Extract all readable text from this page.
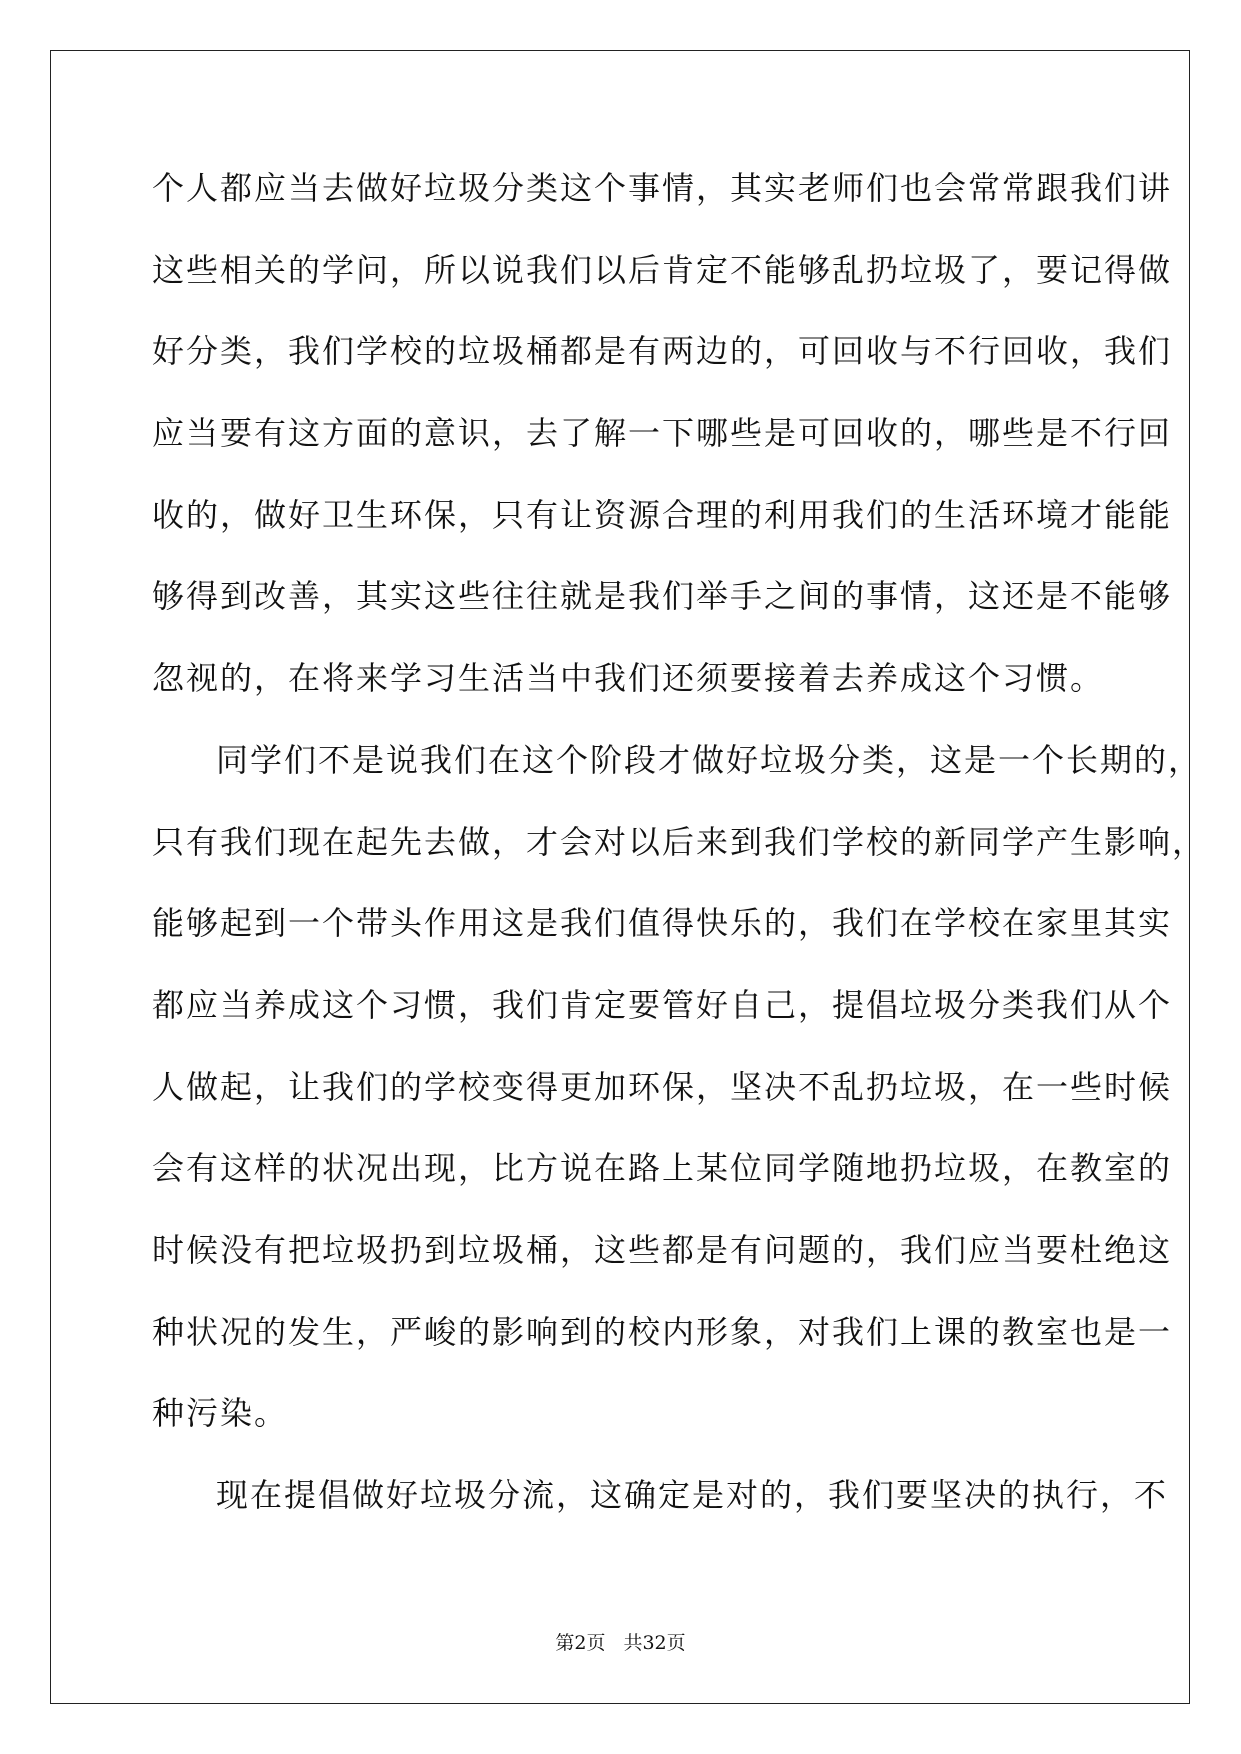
个人都应当去做好垃圾分类这个事情，其实老师们也会常常跟我们讲
这些相关的学问，所以说我们以后肯定不能够乱扔垃圾了，要记得做
好分类，我们学校的垃圾桶都是有两边的，可回收与不行回收，我们
应当要有这方面的意识，去了解一下哪些是可回收的，哪些是不行回
收的，做好卫生环保，只有让资源合理的利用我们的生活环境才能能
够得到改善，其实这些往往就是我们举手之间的事情，这还是不能够
忽视的，在将来学习生活当中我们还须要接着去养成这个习惯。
同学们不是说我们在这个阶段才做好垃圾分类，这是一个长期的，
只有我们现在起先去做，才会对以后来到我们学校的新同学产生影响，
能够起到一个带头作用这是我们值得快乐的，我们在学校在家里其实
都应当养成这个习惯，我们肯定要管好自己，提倡垃圾分类我们从个
人做起，让我们的学校变得更加环保，坚决不乱扔垃圾，在一些时候
会有这样的状况出现，比方说在路上某位同学随地扔垃圾，在教室的
时候没有把垃圾扔到垃圾桶，这些都是有问题的，我们应当要杜绝这
种状况的发生，严峻的影响到的校内形象，对我们上课的教室也是一
种污染。
现在提倡做好垃圾分流，这确定是对的，我们要坚决的执行，不
第2页 共32页
